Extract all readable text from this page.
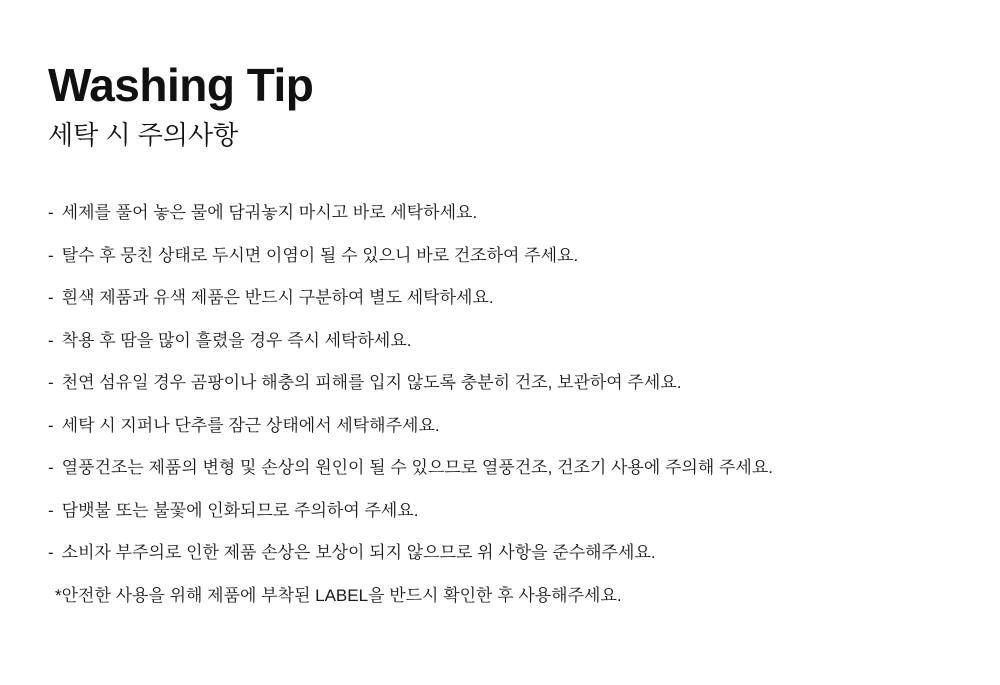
Washing Tip
세탁 시 주의사항
- 세제를 풀어 놓은 물에 담궈놓지 마시고 바로 세탁하세요.
- 탈수 후 뭉친 상태로 두시면 이염이 될 수 있으니 바로 건조하여 주세요.
- 흰색 제품과 유색 제품은 반드시 구분하여 별도 세탁하세요.
- 착용 후 땀을 많이 흘렸을 경우 즉시 세탁하세요.
- 천연 섬유일 경우 곰팡이나 해충의 피해를 입지 않도록 충분히 건조, 보관하여 주세요.
- 세탁 시 지퍼나 단추를 잠근 상태에서 세탁해주세요.
- 열풍건조는 제품의 변형 및 손상의 원인이 될 수 있으므로 열풍건조, 건조기 사용에 주의해 주세요.
- 담뱃불 또는 불꽃에 인화되므로 주의하여 주세요.
- 소비자 부주의로 인한 제품 손상은 보상이 되지 않으므로 위 사항을 준수해주세요.

*안전한 사용을 위해 제품에 부착된 LABEL을 반드시 확인한 후 사용해주세요.
